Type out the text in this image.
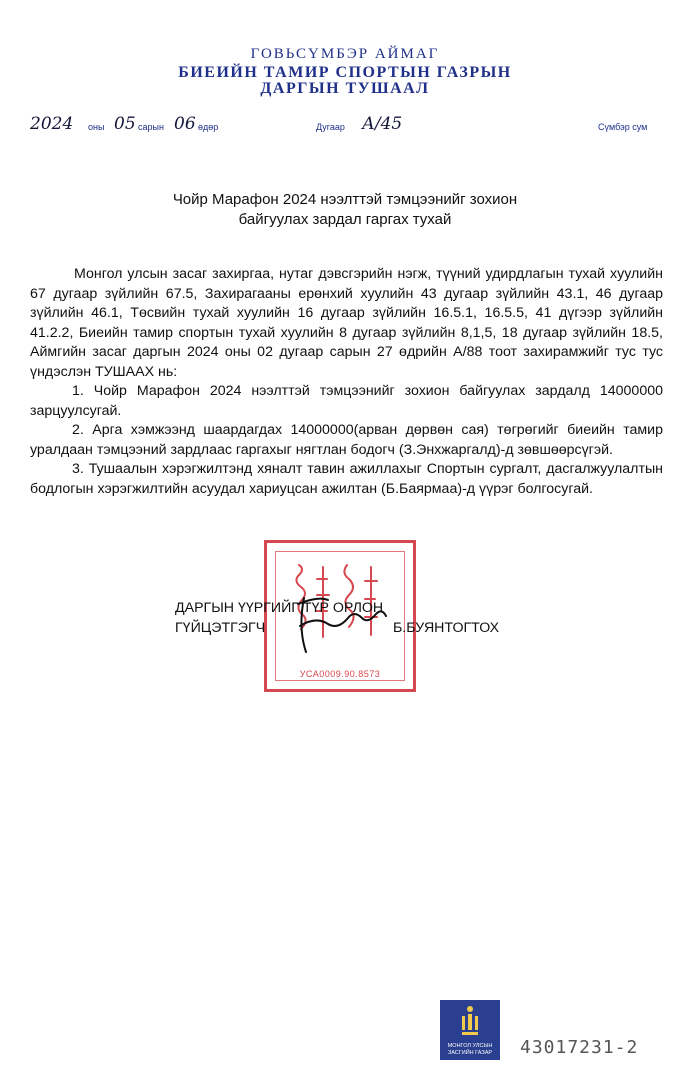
ГОВЬСҮМБЭР АЙМАГ
БИЕИЙН ТАМИР СПОРТЫН ГАЗРЫН
ДАРГЫН ТУШААЛ
2024 оны 05 сарын 06 өдөр	Дугаар А/45	Сүмбэр сум
Чойр Марафон 2024 нээлттэй тэмцээнийг зохион
байгуулах зардал гаргах тухай

Монгол улсын засаг захиргаа, нутаг дэвсгэрийн нэгж, түүний удирдлагын тухай хуулийн 67 дугаар зүйлийн 67.5, Захирагааны ерөнхий хуулийн 43 дугаар зүйлийн 43.1, 46 дугаар зүйлийн 46.1, Төсвийн тухай хуулийн 16 дугаар зүйлийн 16.5.1, 16.5.5, 41 дүгээр зүйлийн 41.2.2, Биеийн тамир спортын тухай хуулийн 8 дугаар зүйлийн 8,1,5, 18 дугаар зүйлийн 18.5, Аймгийн засаг даргын 2024 оны 02 дугаар сарын 27 өдрийн А/88 тоот захирамжийг тус тус үндэслэн ТУШААХ нь:

1. Чойр Марафон 2024 нээлттэй тэмцээнийг зохион байгуулах зардалд 14000000 зарцуулсугай.

2. Арга хэмжээнд шаардагдах 14000000(арван дөрвөн сая) төгрөгийг биеийн тамир уралдаан тэмцээний зардлаас гаргахыг нягтлан бодогч (З.Энхжаргалд)-д зөвшөөрсүгэй.

3. Тушаалын хэрэгжилтэнд хяналт тавин ажиллахыг Спортын сургалт, дасгалжуулалтын бодлогын хэрэгжилтийн асуудал хариуцсан ажилтан (Б.Баярмаа)-д үүрэг болгосугай.

УСА0009.90.8573
ДАРГЫН ҮҮРГИЙГ ТҮР ОРЛОН
ГҮЙЦЭТГЭГЧ	Б.БУЯНТОГТОХ
МОНГОЛ УЛСЫН
ЗАСГИЙН ГАЗАР	43017231-2
